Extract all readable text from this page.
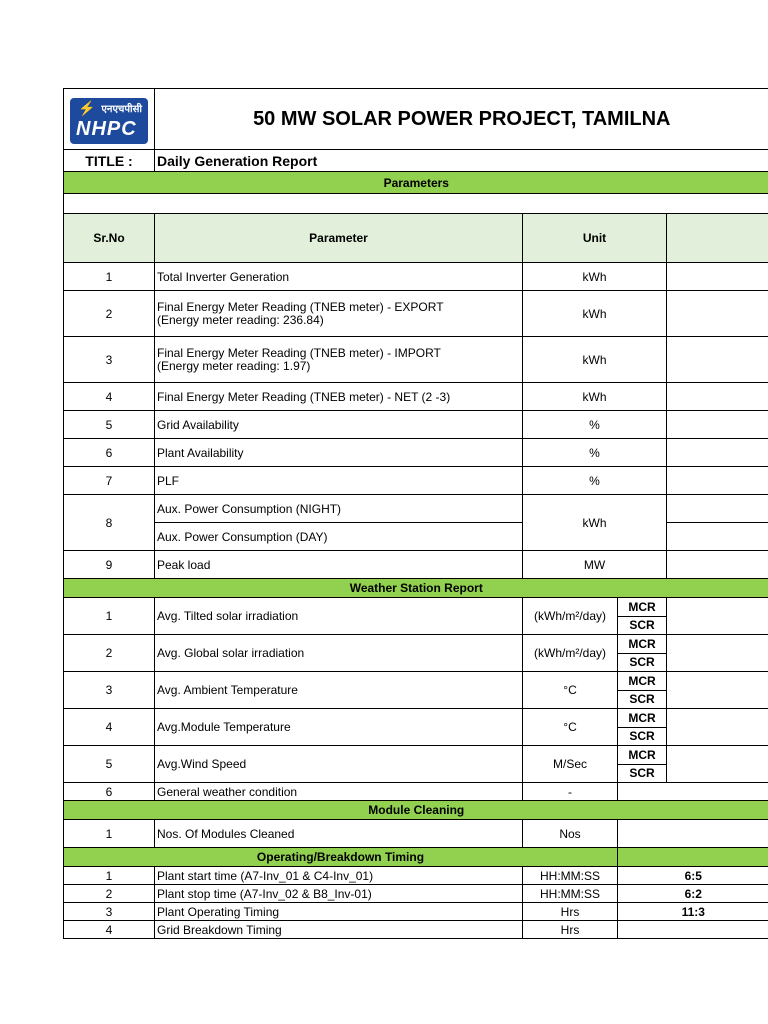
⚡ एनएचपीसी
NHPC	50 MW SOLAR POWER PROJECT, TAMILNA			
TITLE :	Daily Generation Report			
Parameters				

Sr.No	Parameter	Unit		
1	Total Inverter Generation	kWh		
2	Final Energy Meter Reading (TNEB meter) - EXPORT
(Energy meter reading: 236.84)	kWh		
3	Final Energy Meter Reading (TNEB meter) - IMPORT
(Energy meter reading: 1.97)	kWh		
4	Final Energy Meter Reading (TNEB meter) - NET (2 -3)	kWh		
5	Grid Availability	%		
6	Plant Availability	%		
7	PLF	%		
8	Aux. Power Consumption (NIGHT)	kWh		
	Aux. Power Consumption (DAY)			
9	Peak load	MW		
Weather Station Report				
1	Avg. Tilted solar irradiation	(kWh/m²/day)	MCR
SCR	

2	Avg. Global solar irradiation	(kWh/m²/day)	MCR
SCR	

3	Avg. Ambient Temperature	°C	MCR
SCR	

4	Avg.Module Temperature	°C	MCR
SCR	

5	Avg.Wind Speed	M/Sec	MCR
SCR	

6	General weather condition	-		
Module Cleaning				
1	Nos. Of Modules Cleaned	Nos		
Operating/Breakdown Timing				
1	Plant start time (A7-Inv_01 & C4-Inv_01)	HH:MM:SS	6:5	
2	Plant stop time (A7-Inv_02 & B8_Inv-01)	HH:MM:SS	6:2	
3	Plant Operating Timing	Hrs	11:3	
4	Grid Breakdown Timing	Hrs		
